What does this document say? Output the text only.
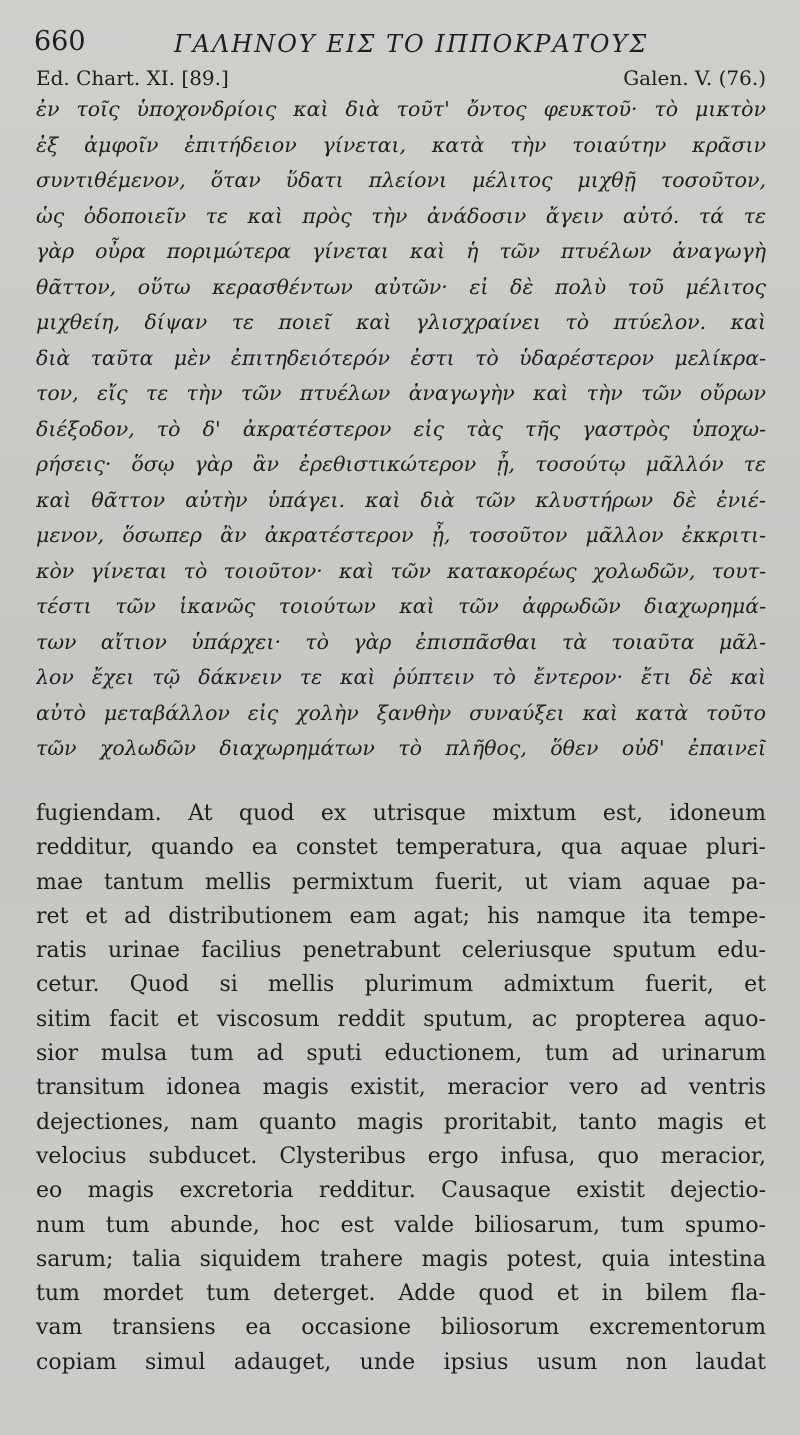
660	ΓΑΛΗΝΟΥ ΕΙΣ ΤΟ ΙΠΠΟΚΡΑΤΟΥΣ
Ed. Chart. XI. [89.]	Galen. V. (76.)
ἐν τοῖς ὑποχονδρίοις καὶ διὰ τοῦτ' ὄντος φευκτοῦ· τὸ μικτὸν
ἐξ ἀμφοῖν ἐπιτήδειον γίνεται, κατὰ τὴν τοιαύτην κρᾶσιν
συντιθέμενον, ὅταν ὕδατι πλείονι μέλιτος μιχθῇ τοσοῦτον,
ὡς ὁδοποιεῖν τε καὶ πρὸς τὴν ἀνάδοσιν ἄγειν αὐτό. τά τε
γὰρ οὖρα ποριμώτερα γίνεται καὶ ἡ τῶν πτυέλων ἀναγωγὴ
θᾶττον, οὕτω κερασθέντων αὐτῶν· εἰ δὲ πολὺ τοῦ μέλιτος
μιχθείη, δίψαν τε ποιεῖ καὶ γλισχραίνει τὸ πτύελον. καὶ
διὰ ταῦτα μὲν ἐπιτηδειότερόν ἐστι τὸ ὑδαρέστερον μελίκρα-
τον, εἴς τε τὴν τῶν πτυέλων ἀναγωγὴν καὶ τὴν τῶν οὔρων
διέξοδον, τὸ δ' ἀκρατέστερον εἰς τὰς τῆς γαστρὸς ὑποχω-
ρήσεις· ὅσῳ γὰρ ἂν ἐρεθιστικώτερον ᾖ, τοσούτῳ μᾶλλόν τε
καὶ θᾶττον αὐτὴν ὑπάγει. καὶ διὰ τῶν κλυστήρων δὲ ἐνιέ-
μενον, ὅσωπερ ἂν ἀκρατέστερον ᾖ, τοσοῦτον μᾶλλον ἐκκριτι-
κὸν γίνεται τὸ τοιοῦτον· καὶ τῶν κατακορέως χολωδῶν, τουτ-
τέστι τῶν ἱκανῶς τοιούτων καὶ τῶν ἀφρωδῶν διαχωρημά-
των αἴτιον ὑπάρχει· τὸ γὰρ ἐπισπᾶσθαι τὰ τοιαῦτα μᾶλ-
λον ἔχει τῷ δάκνειν τε καὶ ῥύπτειν τὸ ἔντερον· ἔτι δὲ καὶ
αὐτὸ μεταβάλλον εἰς χολὴν ξανθὴν συναύξει καὶ κατὰ τοῦτο
τῶν χολωδῶν διαχωρημάτων τὸ πλῆθος, ὅθεν οὐδ' ἐπαινεῖ
fugiendam. At quod ex utrisque mixtum est, idoneum
redditur, quando ea constet temperatura, qua aquae pluri-
mae tantum mellis permixtum fuerit, ut viam aquae pa-
ret et ad distributionem eam agat; his namque ita tempe-
ratis urinae facilius penetrabunt celeriusque sputum edu-
cetur. Quod si mellis plurimum admixtum fuerit, et
sitim facit et viscosum reddit sputum, ac propterea aquo-
sior mulsa tum ad sputi eductionem, tum ad urinarum
transitum idonea magis existit, meracior vero ad ventris
dejectiones, nam quanto magis proritabit, tanto magis et
velocius subducet. Clysteribus ergo infusa, quo meracior,
eo magis excretoria redditur. Causaque existit dejectio-
num tum abunde, hoc est valde biliosarum, tum spumo-
sarum; talia siquidem trahere magis potest, quia intestina
tum mordet tum deterget. Adde quod et in bilem fla-
vam transiens ea occasione biliosorum excrementorum
copiam simul adauget, unde ipsius usum non laudat
